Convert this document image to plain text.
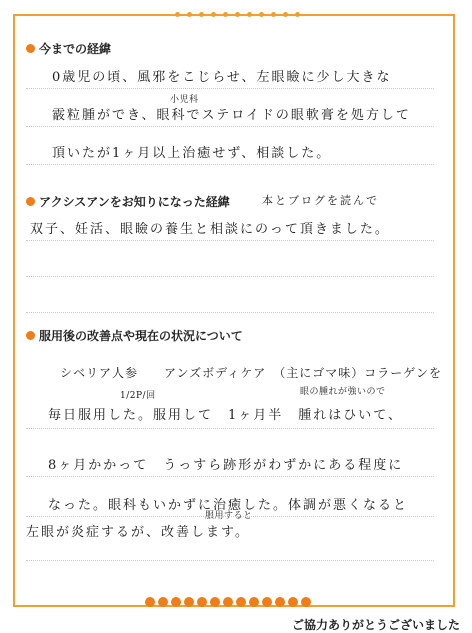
今までの経緯
0歳児の頃、風邪をこじらせ、左眼瞼に少し大きな
小児科
霰粒腫ができ、眼科でステロイドの眼軟膏を処方して
頂いたが1ヶ月以上治癒せず、相談した。
アクシスアンをお知りになった経緯	本とブログを読んで
双子、妊活、眼瞼の養生と相談にのって頂きました。
服用後の改善点や現在の状況について
シベリア人参　　アンズボディケア　（主にゴマ味）コラーゲンを
1/2P/回	眼の腫れが強いので
毎日服用した。服用して　1ヶ月半　腫れはひいて、
8ヶ月かかって　うっすら跡形がわずかにある程度に
なった。眼科もいかずに治癒した。体調が悪くなると
服用すると
左眼が炎症するが、改善します。
ご協力ありがとうございました
